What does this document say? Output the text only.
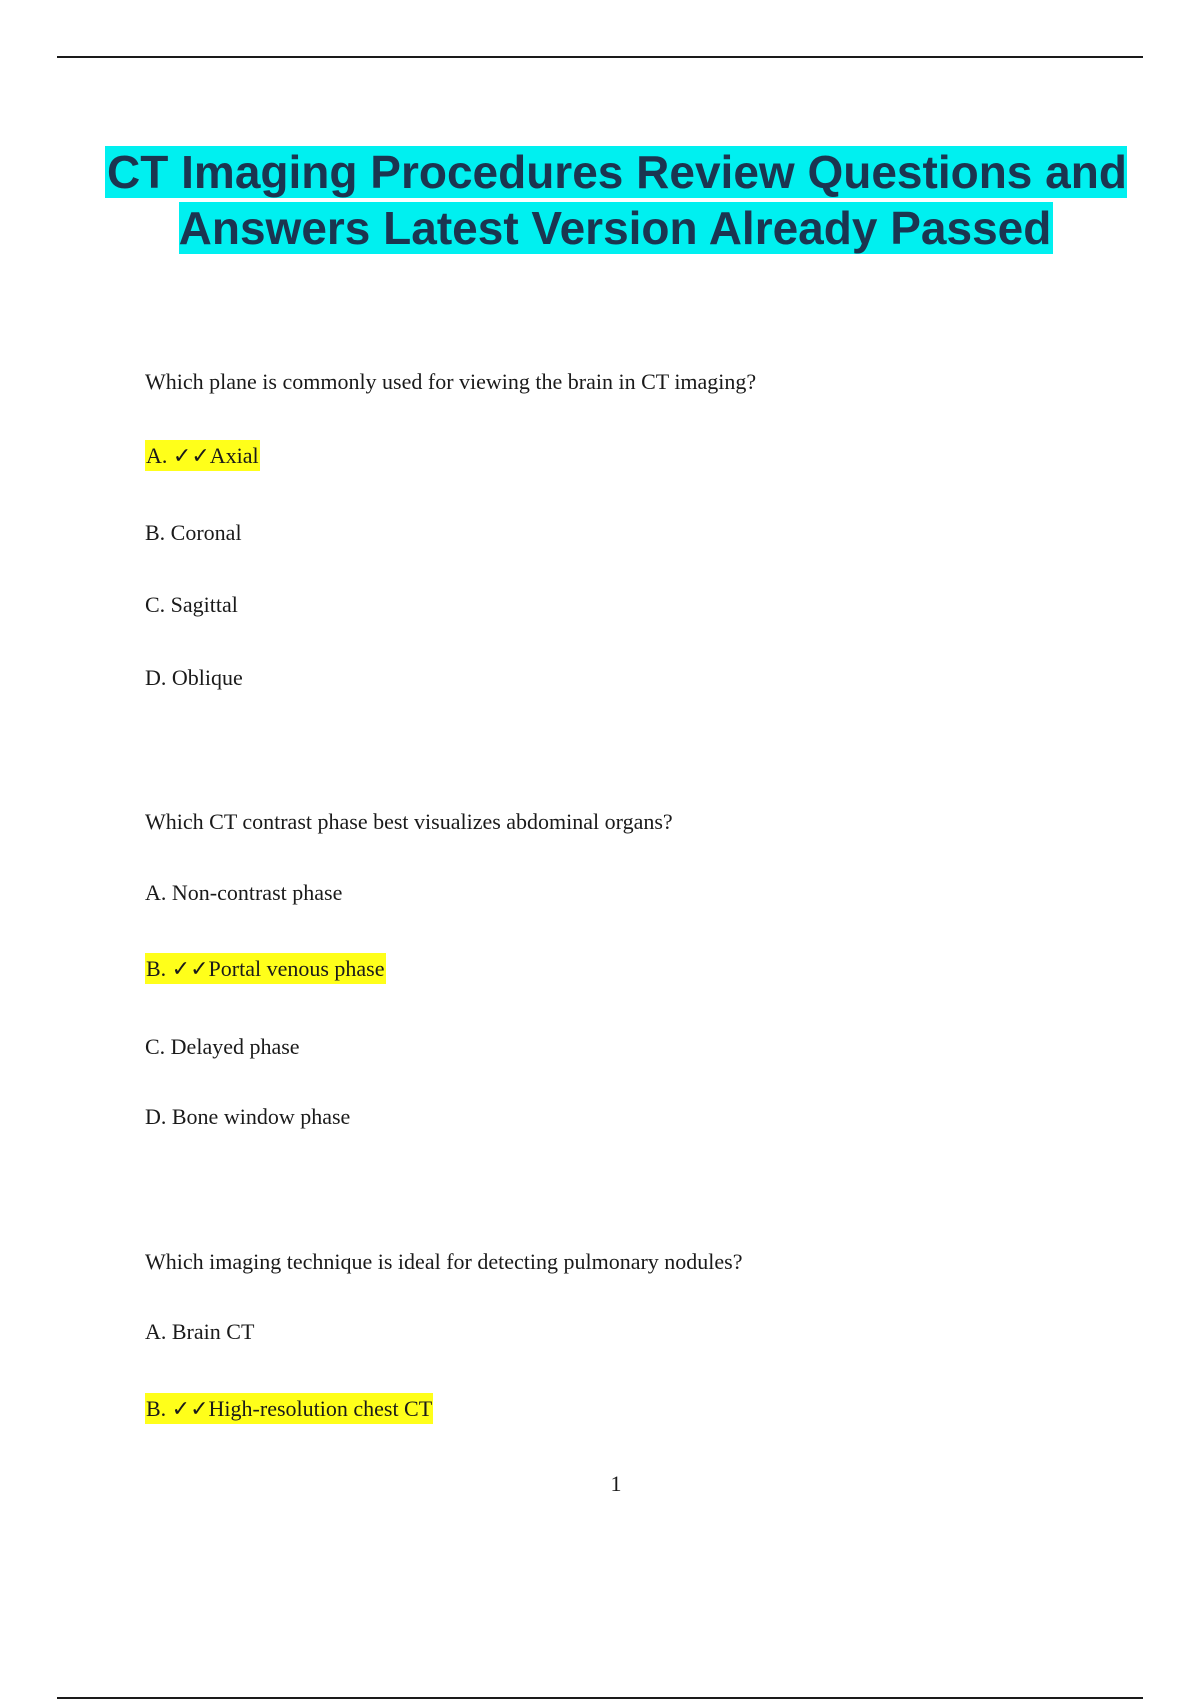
CT Imaging Procedures Review Questions and Answers Latest Version Already Passed

Which plane is commonly used for viewing the brain in CT imaging?

A. ✓✓Axial

B. Coronal

C. Sagittal

D. Oblique

Which CT contrast phase best visualizes abdominal organs?

A. Non-contrast phase

B. ✓✓Portal venous phase

C. Delayed phase

D. Bone window phase

Which imaging technique is ideal for detecting pulmonary nodules?

A. Brain CT

B. ✓✓High-resolution chest CT

1
